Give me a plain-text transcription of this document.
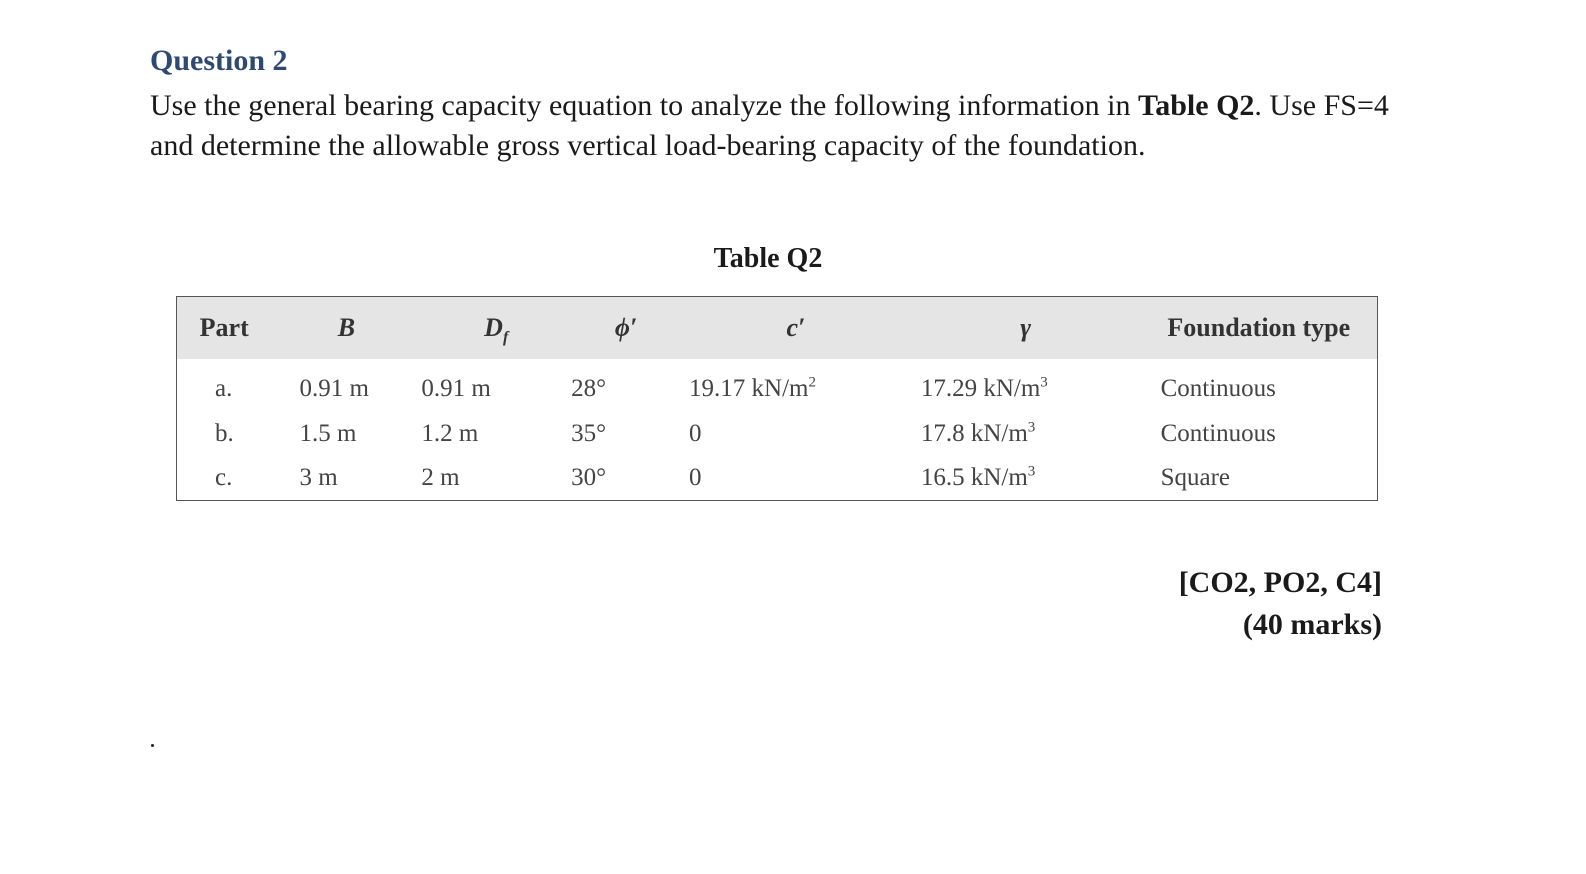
Question 2

Use the general bearing capacity equation to analyze the following information in Table Q2. Use FS=4 and determine the allowable gross vertical load-bearing capacity of the foundation.

Table Q2
Part	B	$D_f$	ϕ′	c′	γ	Foundation type
a.	0.91 m	0.91 m	28°	19.17 $kN/m^2$	17.29 $kN/m^3$	Continuous
b.	1.5 m	1.2 m	35°	0	17.8 $kN/m^3$	Continuous
c.	3 m	2 m	30°	0	16.5 $kN/m^3$	Square
[CO2, PO2, C4]
(40 marks)
